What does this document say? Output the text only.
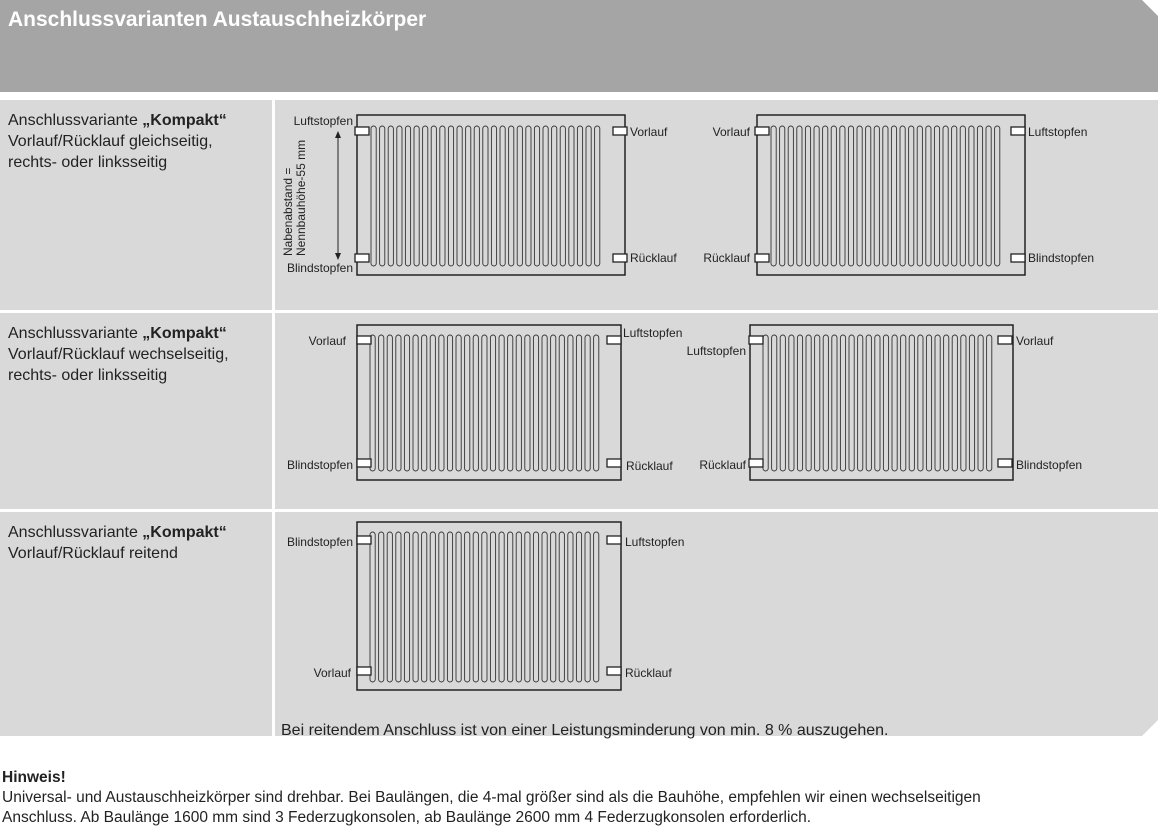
Anschlussvarianten Austauschheizkörper
Anschlussvariante „Kompakt“
Vorlauf/Rücklauf gleichseitig,
rechts- oder linksseitig
Nabenabstand = Nennbauhöhe-55 mm
Luftstopfen
Blindstopfen
Vorlauf
Rücklauf
Vorlauf
Rücklauf
Luftstopfen
Blindstopfen
Anschlussvariante „Kompakt“
Vorlauf/Rücklauf wechselseitig,
rechts- oder linksseitig
Vorlauf
Blindstopfen
Luftstopfen
Rücklauf
Luftstopfen
Rücklauf
Vorlauf
Blindstopfen
Anschlussvariante „Kompakt“
Vorlauf/Rücklauf reitend
Blindstopfen
Vorlauf
Luftstopfen
Rücklauf
Bei reitendem Anschluss ist von einer Leistungsminderung von min. 8 % auszugehen.
Hinweis!
Universal- und Austauschheizkörper sind drehbar. Bei Baulängen, die 4-mal größer sind als die Bauhöhe, empfehlen wir einen wechselseitigen
Anschluss. Ab Baulänge 1600 mm sind 3 Federzugkonsolen, ab Baulänge 2600 mm 4 Federzugkonsolen erforderlich.
